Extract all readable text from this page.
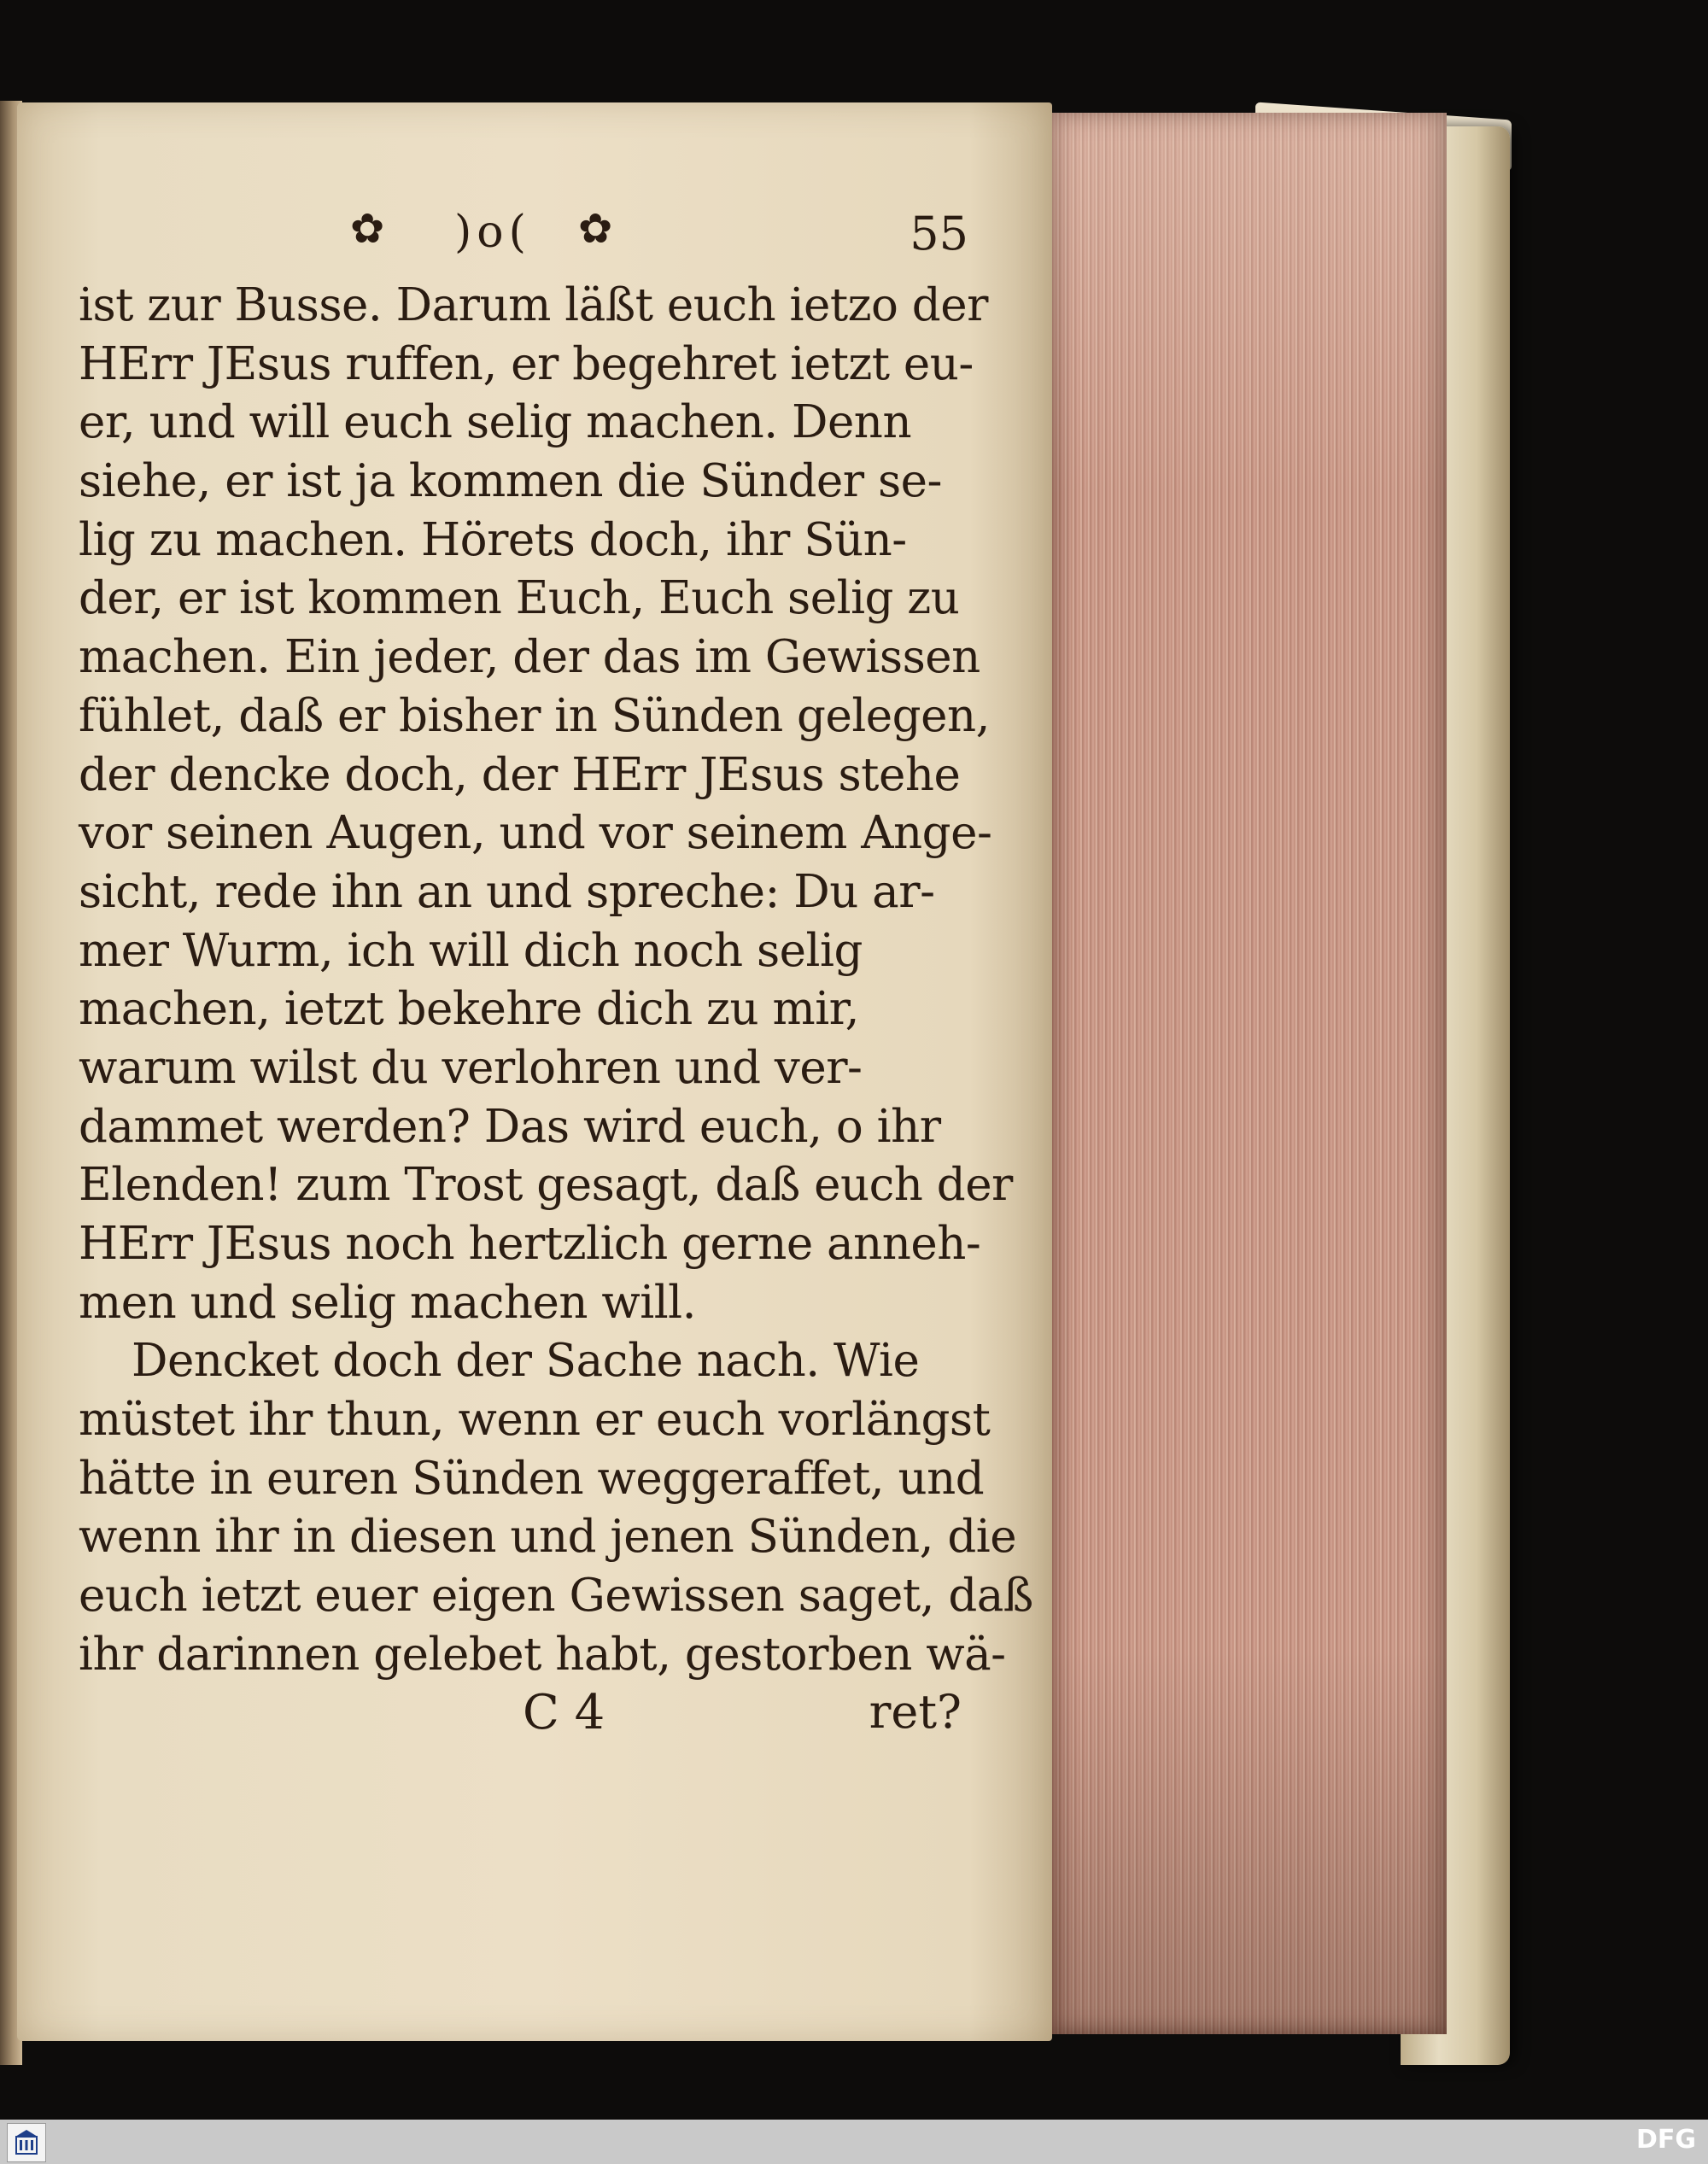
✿ )o( ✿	55
ist zur Busse. Darum läßt euch ietzo der
HErr JEsus ruffen, er begehret ietzt eu-
er, und will euch selig machen. Denn
siehe, er ist ja kommen die Sünder se-
lig zu machen. Hörets doch, ihr Sün-
der, er ist kommen Euch, Euch selig zu
machen. Ein jeder, der das im Gewissen
fühlet, daß er bisher in Sünden gelegen,
der dencke doch, der HErr JEsus stehe
vor seinen Augen, und vor seinem Ange-
sicht, rede ihn an und spreche: Du ar-
mer Wurm, ich will dich noch selig
machen, ietzt bekehre dich zu mir,
warum wilst du verlohren und ver-
dammet werden? Das wird euch, o ihr
Elenden! zum Trost gesagt, daß euch der
HErr JEsus noch hertzlich gerne anneh-
men und selig machen will.
Dencket doch der Sache nach. Wie
müstet ihr thun, wenn er euch vorlängst
hätte in euren Sünden weggeraffet, und
wenn ihr in diesen und jenen Sünden, die
euch ietzt euer eigen Gewissen saget, daß
ihr darinnen gelebet habt, gestorben wä-
C 4	ret?
DFG
